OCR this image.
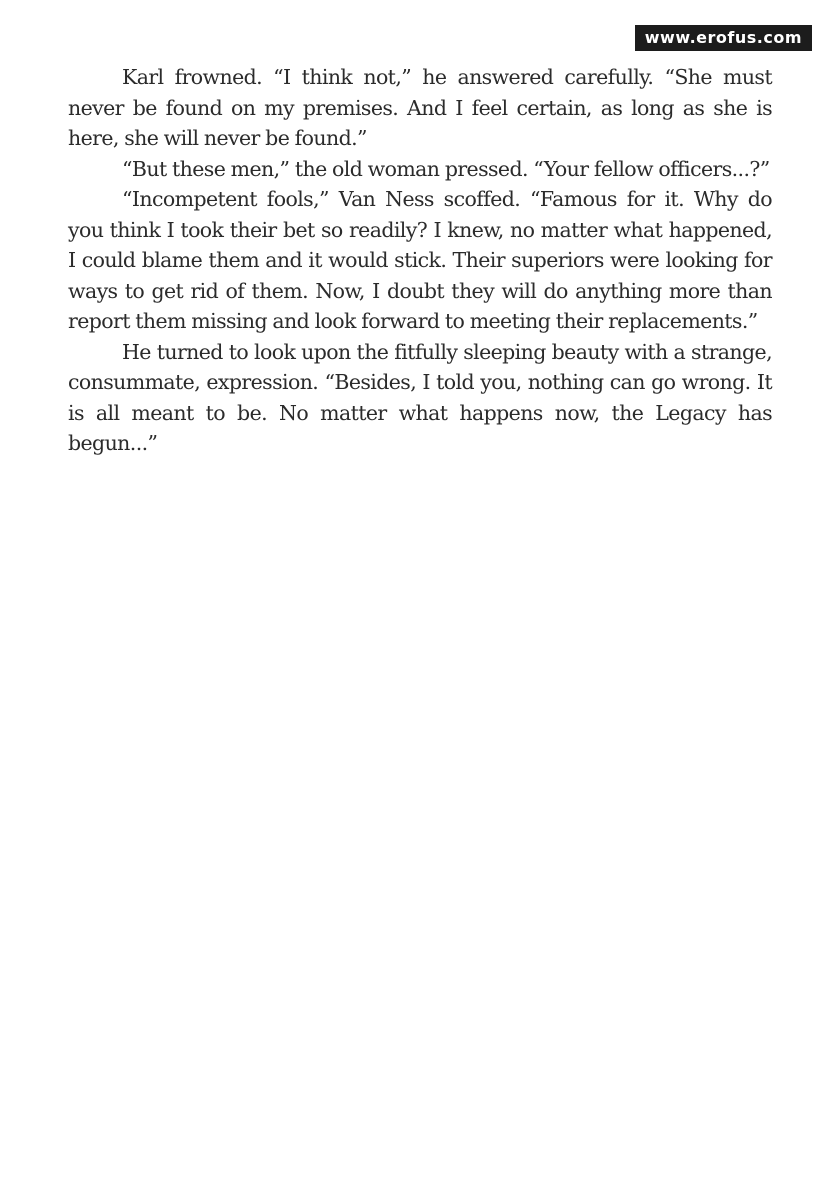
www.erofus.com

Karl frowned. “I think not,” he answered carefully. “She must never be found on my premises. And I feel certain, as long as she is here, she will never be found.”

“But these men,” the old woman pressed. “Your fellow officers...?”

“Incompetent fools,” Van Ness scoffed. “Famous for it. Why do you think I took their bet so readily? I knew, no matter what happened, I could blame them and it would stick. Their superiors were looking for ways to get rid of them. Now, I doubt they will do anything more than report them missing and look forward to meeting their replacements.”

He turned to look upon the fitfully sleeping beauty with a strange, consummate, expression. “Besides, I told you, nothing can go wrong. It is all meant to be. No matter what happens now, the Legacy has begun...”
